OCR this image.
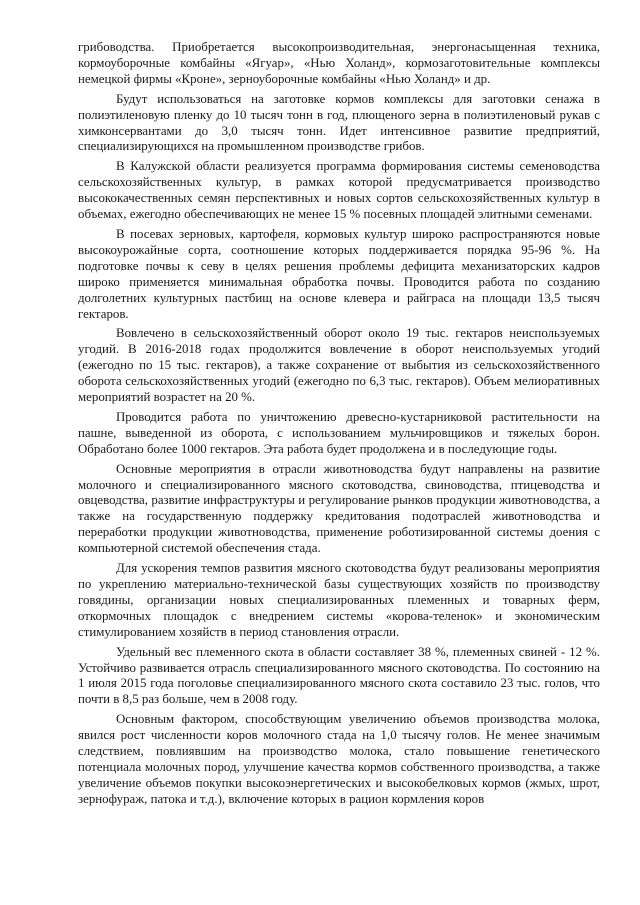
грибоводства. Приобретается высокопроизводительная, энергонасыщенная техника, кормоуборочные комбайны «Ягуар», «Нью Холанд», кормозаготовительные комплексы немецкой фирмы «Кроне», зерноуборочные комбайны «Нью Холанд» и др.

Будут использоваться на заготовке кормов комплексы для заготовки сенажа в полиэтиленовую пленку до 10 тысяч тонн в год, плющеного зерна в полиэтиленовый рукав с химконсервантами до 3,0 тысяч тонн. Идет интенсивное развитие предприятий, специализирующихся на промышленном производстве грибов.

В Калужской области реализуется программа формирования системы семеноводства сельскохозяйственных культур, в рамках которой предусматривается производство высококачественных семян перспективных и новых сортов сельскохозяйственных культур в объемах, ежегодно обеспечивающих не менее 15 % посевных площадей элитными семенами.

В посевах зерновых, картофеля, кормовых культур широко распространяются новые высокоурожайные сорта, соотношение которых поддерживается порядка 95-96 %. На подготовке почвы к севу в целях решения проблемы дефицита механизаторских кадров широко применяется минимальная обработка почвы. Проводится работа по созданию долголетних культурных пастбищ на основе клевера и райграса на площади 13,5 тысяч гектаров.

Вовлечено в сельскохозяйственный оборот около 19 тыс. гектаров неиспользуемых угодий. В 2016-2018 годах продолжится вовлечение в оборот неиспользуемых угодий (ежегодно по 15 тыс. гектаров), а также сохранение от выбытия из сельскохозяйственного оборота сельскохозяйственных угодий (ежегодно по 6,3 тыс. гектаров). Объем мелиоративных мероприятий возрастет на 20 %.

Проводится работа по уничтожению древесно-кустарниковой растительности на пашне, выведенной из оборота, с использованием мульчировщиков и тяжелых борон. Обработано более 1000 гектаров. Эта работа будет продолжена и в последующие годы.

Основные мероприятия в отрасли животноводства будут направлены на развитие молочного и специализированного мясного скотоводства, свиноводства, птицеводства и овцеводства, развитие инфраструктуры и регулирование рынков продукции животноводства, а также на государственную поддержку кредитования подотраслей животноводства и переработки продукции животноводства, применение роботизированной системы доения с компьютерной системой обеспечения стада.

Для ускорения темпов развития мясного скотоводства будут реализованы мероприятия по укреплению материально-технической базы существующих хозяйств по производству говядины, организации новых специализированных племенных и товарных ферм, откормочных площадок с внедрением системы «корова-теленок» и экономическим стимулированием хозяйств в период становления отрасли.

Удельный вес племенного скота в области составляет 38 %, племенных свиней - 12 %. Устойчиво развивается отрасль специализированного мясного скотоводства. По состоянию на 1 июля 2015 года поголовье специализированного мясного скота составило 23 тыс. голов, что почти в 8,5 раз больше, чем в 2008 году.

Основным фактором, способствующим увеличению объемов производства молока, явился рост численности коров молочного стада на 1,0 тысячу голов. Не менее значимым следствием, повлиявшим на производство молока, стало повышение генетического потенциала молочных пород, улучшение качества кормов собственного производства, а также увеличение объемов покупки высокоэнергетических и высокобелковых кормов (жмых, шрот, зернофураж, патока и т.д.), включение которых в рацион кормления коров
